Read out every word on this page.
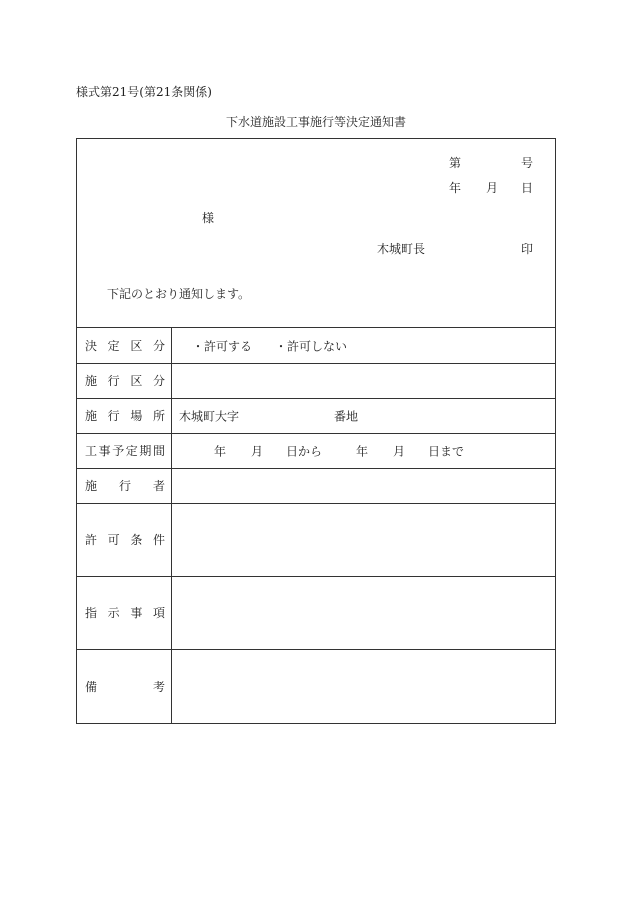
様式第21号(第21条関係)
下水道施設工事施行等決定通知書
第	号
年 月 日
様
木城町長	印
下記のとおり通知します。
決 定 区 分 ・許可する ・許可しない
施 行 区 分
施 行 場 所 木城町大字	番地
工 事 予 定 期 間	年 月 日から	年 月 日まで
施 行 者
許 可 条 件
指 示 事 項
備	考
